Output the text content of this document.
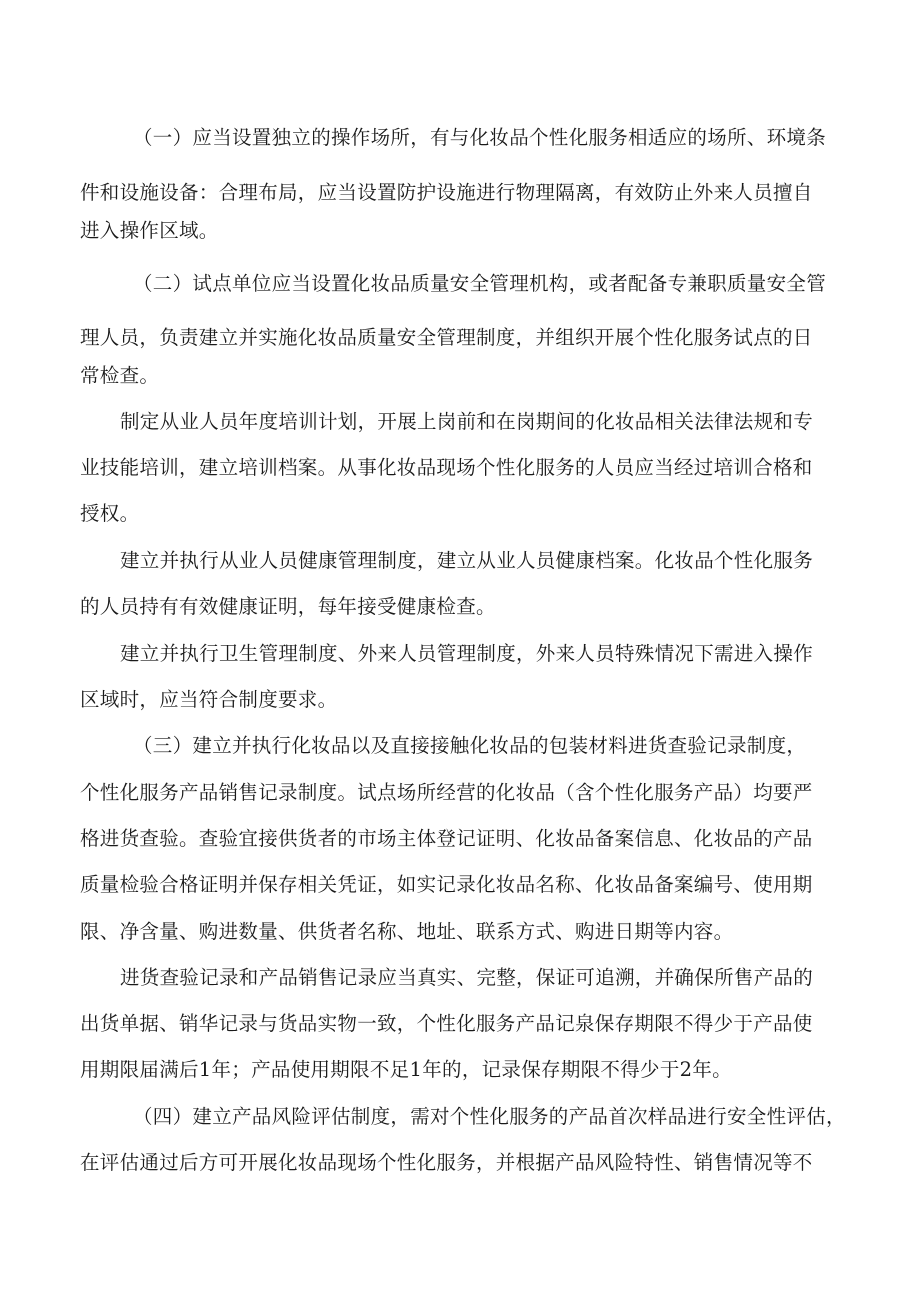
（一）应当设置独立的操作场所，有与化妆品个性化服务相适应的场所、环境条
件和设施设备：合理布局，应当设置防护设施进行物理隔离，有效防止外来人员擅自
进入操作区域。
（二）试点单位应当设置化妆品质量安全管理机构，或者配备专兼职质量安全管
理人员，负责建立并实施化妆品质量安全管理制度，并组织开展个性化服务试点的日
常检查。
制定从业人员年度培训计划，开展上岗前和在岗期间的化妆品相关法律法规和专
业技能培训，建立培训档案。从事化妆品现场个性化服务的人员应当经过培训合格和
授权。
建立并执行从业人员健康管理制度，建立从业人员健康档案。化妆品个性化服务
的人员持有有效健康证明，每年接受健康检查。
建立并执行卫生管理制度、外来人员管理制度，外来人员特殊情况下需进入操作
区域时，应当符合制度要求。
（三）建立并执行化妆品以及直接接触化妆品的包装材料进货查验记录制度，
个性化服务产品销售记录制度。试点场所经营的化妆品（含个性化服务产品）均要严
格进货查验。查验宜接供货者的市场主体登记证明、化妆品备案信息、化妆品的产品
质量检验合格证明并保存相关凭证，如实记录化妆品名称、化妆品备案编号、使用期
限、净含量、购进数量、供货者名称、地址、联系方式、购进日期等内容。
进货查验记录和产品销售记录应当真实、完整，保证可追溯，并确保所售产品的
出货单据、销华记录与货品实物一致，个性化服务产品记泉保存期限不得少于产品使
用期限届满后1年；产品使用期限不足1年的，记录保存期限不得少于2年。
（四）建立产品风险评估制度，需对个性化服务的产品首次样品进行安全性评估，
在评估通过后方可开展化妆品现场个性化服务，并根据产品风险特性、销售情况等不
